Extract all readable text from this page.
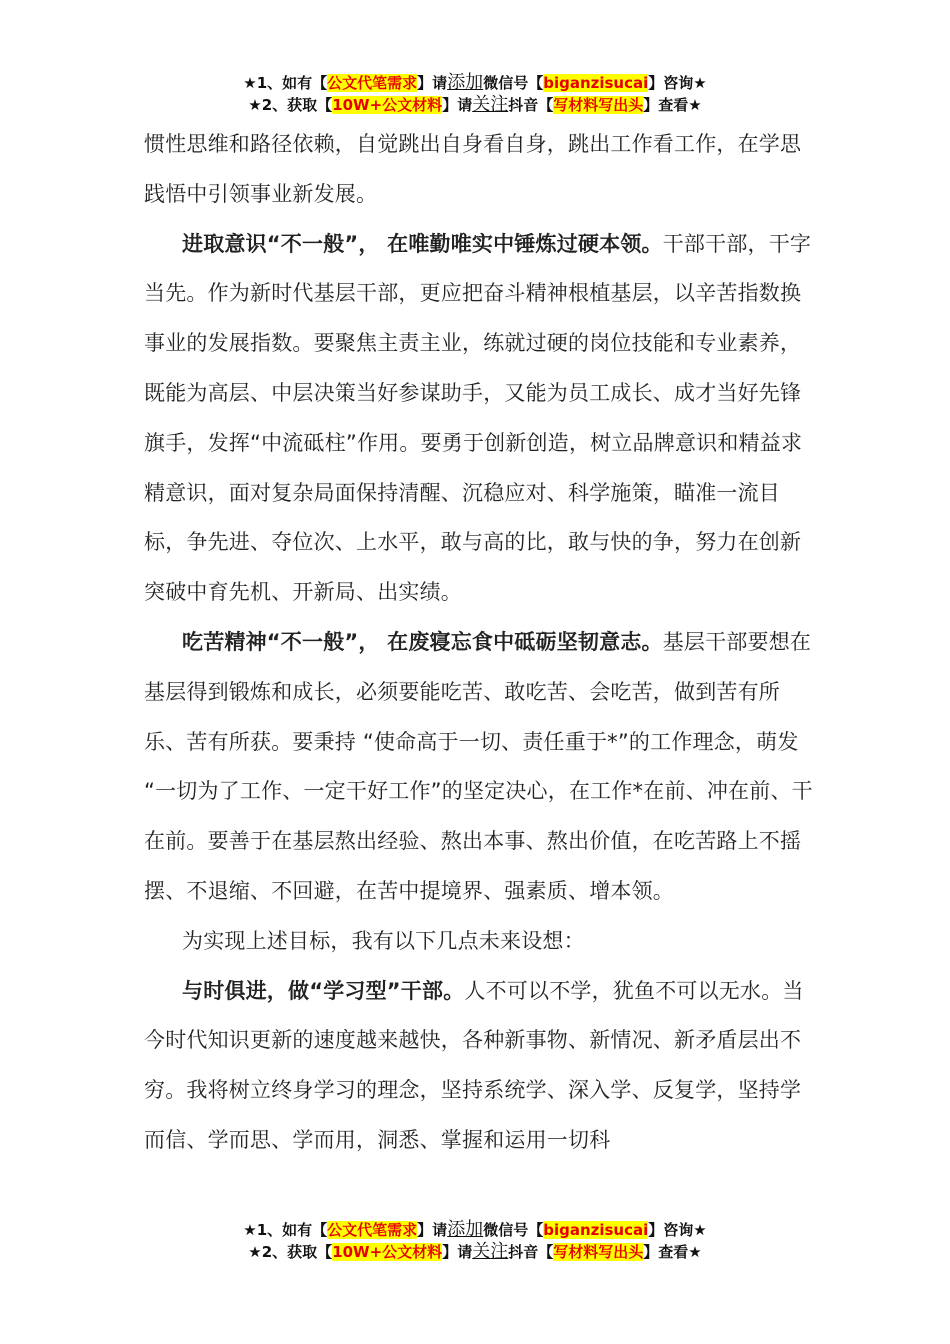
★1、如有【公文代笔需求】请添加微信号【biganzisucai】咨询★
★2、获取【10W+公文材料】请关注抖音【写材料写出头】查看★

惯性思维和路径依赖，自觉跳出自身看自身，跳出工作看工作，在学思践悟中引领事业新发展。

进取意识“不一般”， 在唯勤唯实中锤炼过硬本领。干部干部，干字当先。作为新时代基层干部，更应把奋斗精神根植基层，以辛苦指数换事业的发展指数。要聚焦主责主业，练就过硬的岗位技能和专业素养，既能为高层、中层决策当好参谋助手，又能为员工成长、成才当好先锋旗手，发挥“中流砥柱”作用。要勇于创新创造，树立品牌意识和精益求精意识，面对复杂局面保持清醒、沉稳应对、科学施策，瞄准一流目标，争先进、夺位次、上水平，敢与高的比，敢与快的争，努力在创新突破中育先机、开新局、出实绩。

吃苦精神“不一般”， 在废寝忘食中砥砺坚韧意志。基层干部要想在基层得到锻炼和成长，必须要能吃苦、敢吃苦、会吃苦，做到苦有所乐、苦有所获。要秉持 “使命高于一切、责任重于*”的工作理念，萌发 “一切为了工作、一定干好工作”的坚定决心，在工作*在前、冲在前、干在前。要善于在基层熬出经验、熬出本事、熬出价值，在吃苦路上不摇摆、不退缩、不回避，在苦中提境界、强素质、增本领。

为实现上述目标，我有以下几点未来设想：

与时俱进，做“学习型”干部。人不可以不学，犹鱼不可以无水。当今时代知识更新的速度越来越快，各种新事物、新情况、新矛盾层出不穷。我将树立终身学习的理念，坚持系统学、深入学、反复学，坚持学而信、学而思、学而用，洞悉、掌握和运用一切科

★1、如有【公文代笔需求】请添加微信号【biganzisucai】咨询★
★2、获取【10W+公文材料】请关注抖音【写材料写出头】查看★
